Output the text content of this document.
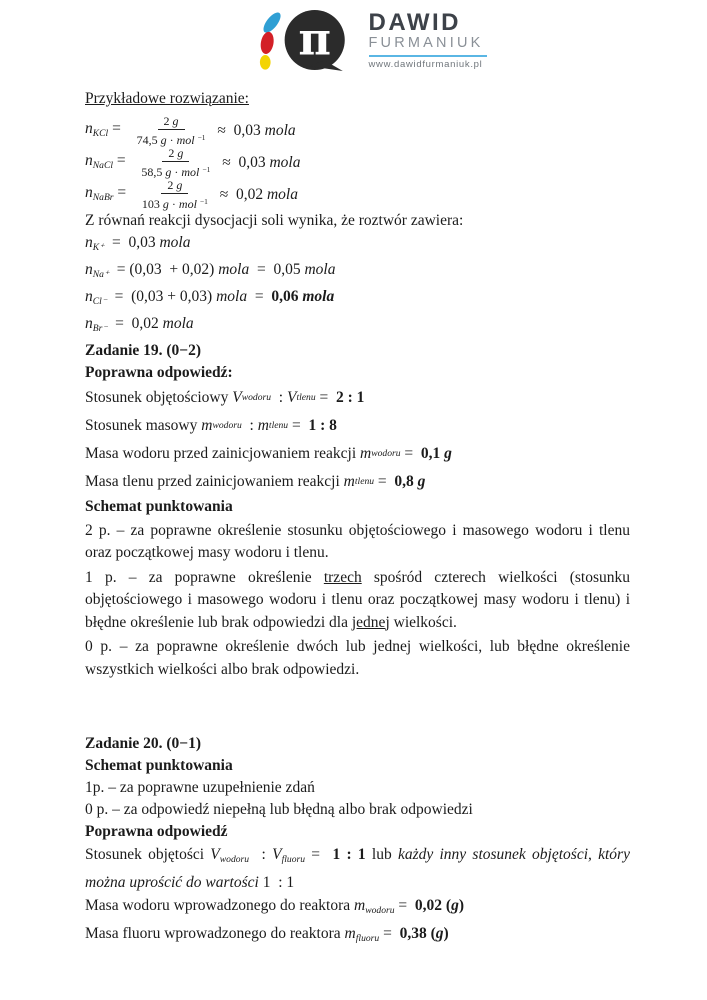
π DAWID
FURMANIUK
www.dawidfurmaniuk.pl

Przykładowe rozwiązanie:

nKCl = $\frac{2 g}{74,5 g \cdot mol ^{-1}} \approx 0,03$ mola
nNaCl = $\frac{2 g}{58,5 g \cdot mol ^{-1}} \approx 0,03$ mola
nNaBr = $\frac{2 g}{103 g \cdot mol ^{-1}} \approx 0,02$ mola

Z równań reakcji dysocjacji soli wynika, że roztwór zawiera:

nK⁺  =  0,03 mola

nNa⁺  = (0,03  + 0,02) mola  =  0,05 mola

nCl⁻  =  (0,03 + 0,03) mola  =  0,06 mola

nBr⁻  =  0,02 mola

Zadanie 19. (0−2)

Poprawna odpowiedź:

Stosunek objętościowy V wodoru : V tlenu = 2 : 1

Stosunek masowy m wodoru : m tlenu = 1 : 8

Masa wodoru przed zainicjowaniem reakcji m wodoru = 0,1 g

Masa tlenu przed zainicjowaniem reakcji m tlenu = 0,8 g

Schemat punktowania

2 p. – za poprawne określenie stosunku objętościowego i masowego wodoru i tlenu oraz początkowej masy wodoru i tlenu.

1 p. – za poprawne określenie trzech spośród czterech wielkości (stosunku objętościowego i masowego wodoru i tlenu oraz początkowej masy wodoru i tlenu) i błędne określenie lub brak odpowiedzi dla jednej wielkości.

0 p. – za poprawne określenie dwóch lub jednej wielkości, lub błędne określenie wszystkich wielkości albo brak odpowiedzi.

Zadanie 20. (0−1)

Schemat punktowania

1p. – za poprawne uzupełnienie zdań

0 p. – za odpowiedź niepełną lub błędną albo brak odpowiedzi

Poprawna odpowiedź

Stosunek objętości Vwodoru  : Vfluoru =  1 : 1 lub każdy inny stosunek objętości, który można uprościć do wartości 1  : 1

Masa wodoru wprowadzonego do reaktora mwodoru =  0,02 (g)

Masa fluoru wprowadzonego do reaktora mfluoru =  0,38 (g)
